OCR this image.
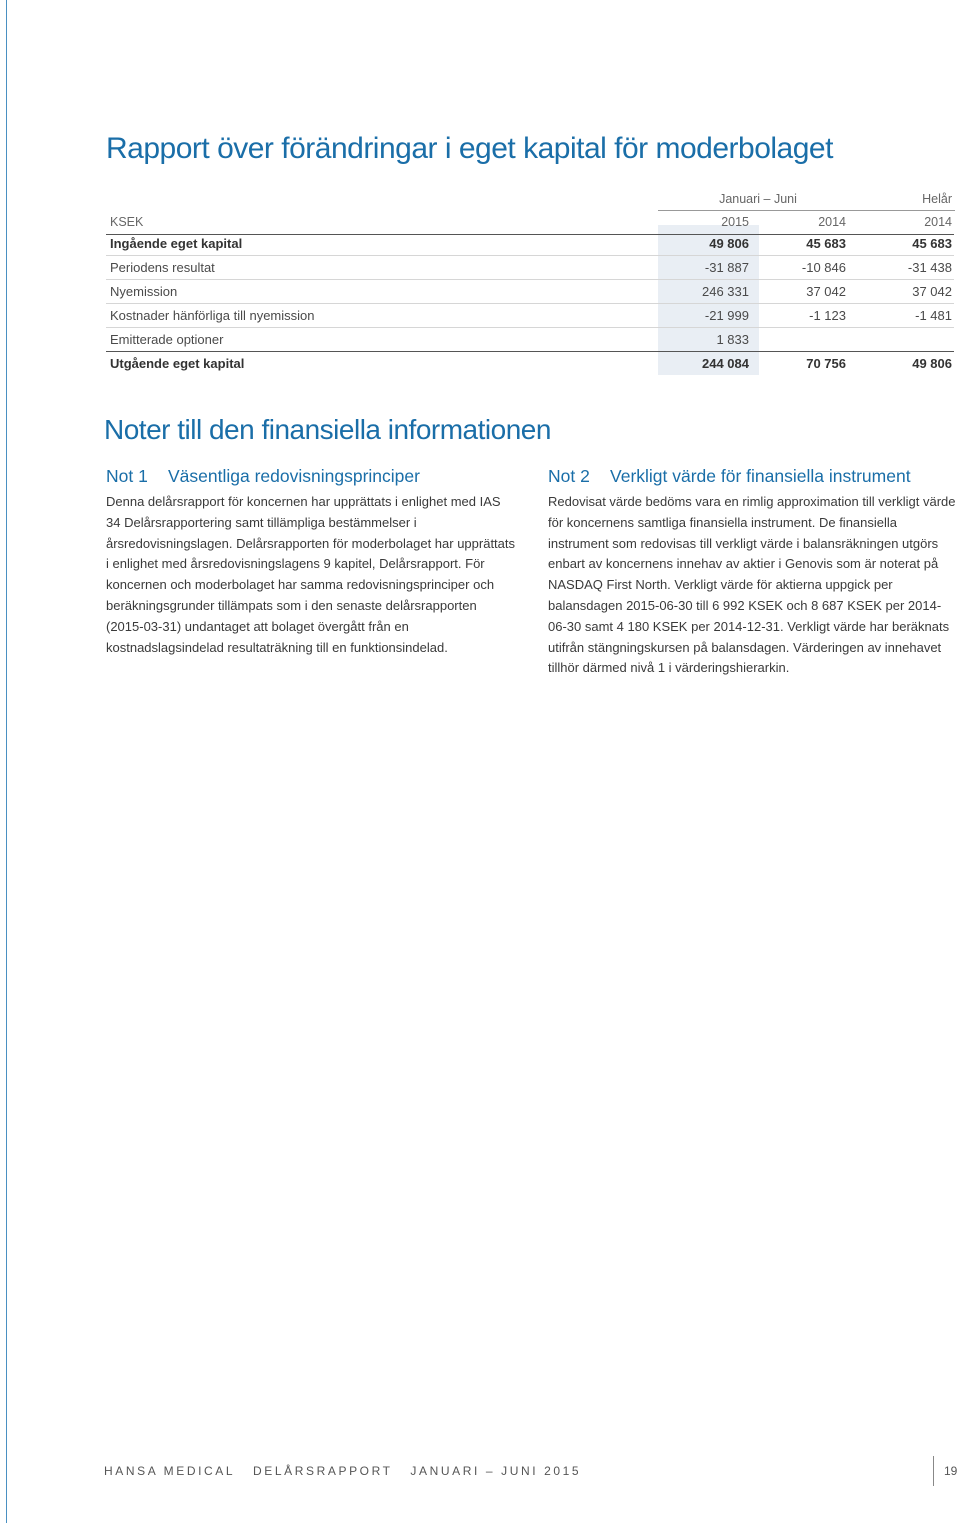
Rapport över förändringar i eget kapital för moderbolaget
Januari – Juni	Helår
KSEK	2015	2014	2014
Ingående eget kapital	49 806	45 683	45 683
Periodens resultat	-31 887	-10 846	-31 438
Nyemission	246 331	37 042	37 042
Kostnader hänförliga till nyemission	-21 999	-1 123	-1 481
Emitterade optioner	1 833
Utgående eget kapital	244 084	70 756	49 806
Noter till den finansiella informationen
Not 1 Väsentliga redovisningsprinciper

Denna delårsrapport för koncernen har upprättats i enlighet med IAS 34 Delårsrapportering samt tillämpliga bestämmelser i årsredovisningslagen. Delårsrapporten för moderbolaget har upprättats i enlighet med årsredovisningslagens 9 kapitel, Delårsrapport. För koncernen och moderbolaget har samma redovisningsprinciper och beräkningsgrunder tillämpats som i den senaste delårsrapporten (2015-03-31) undantaget att bolaget övergått från en kostnadslagsindelad resultaträkning till en funktionsindelad.

Not 2 Verkligt värde för finansiella instrument

Redovisat värde bedöms vara en rimlig approximation till verkligt värde för koncernens samtliga finansiella instrument. De finansiella instrument som redovisas till verkligt värde i balansräkningen utgörs enbart av koncernens innehav av aktier i Genovis som är noterat på NASDAQ First North. Verkligt värde för aktierna uppgick per balansdagen 2015-06-30 till 6 992 KSEK och 8 687 KSEK per 2014-06-30 samt 4 180 KSEK per 2014-12-31. Verkligt värde har beräknats utifrån stängningskursen på balansdagen. Värderingen av innehavet tillhör därmed nivå 1 i värderingshierarkin.

HANSA MEDICAL DELÅRSRAPPORT JANUARI – JUNI 2015	19
